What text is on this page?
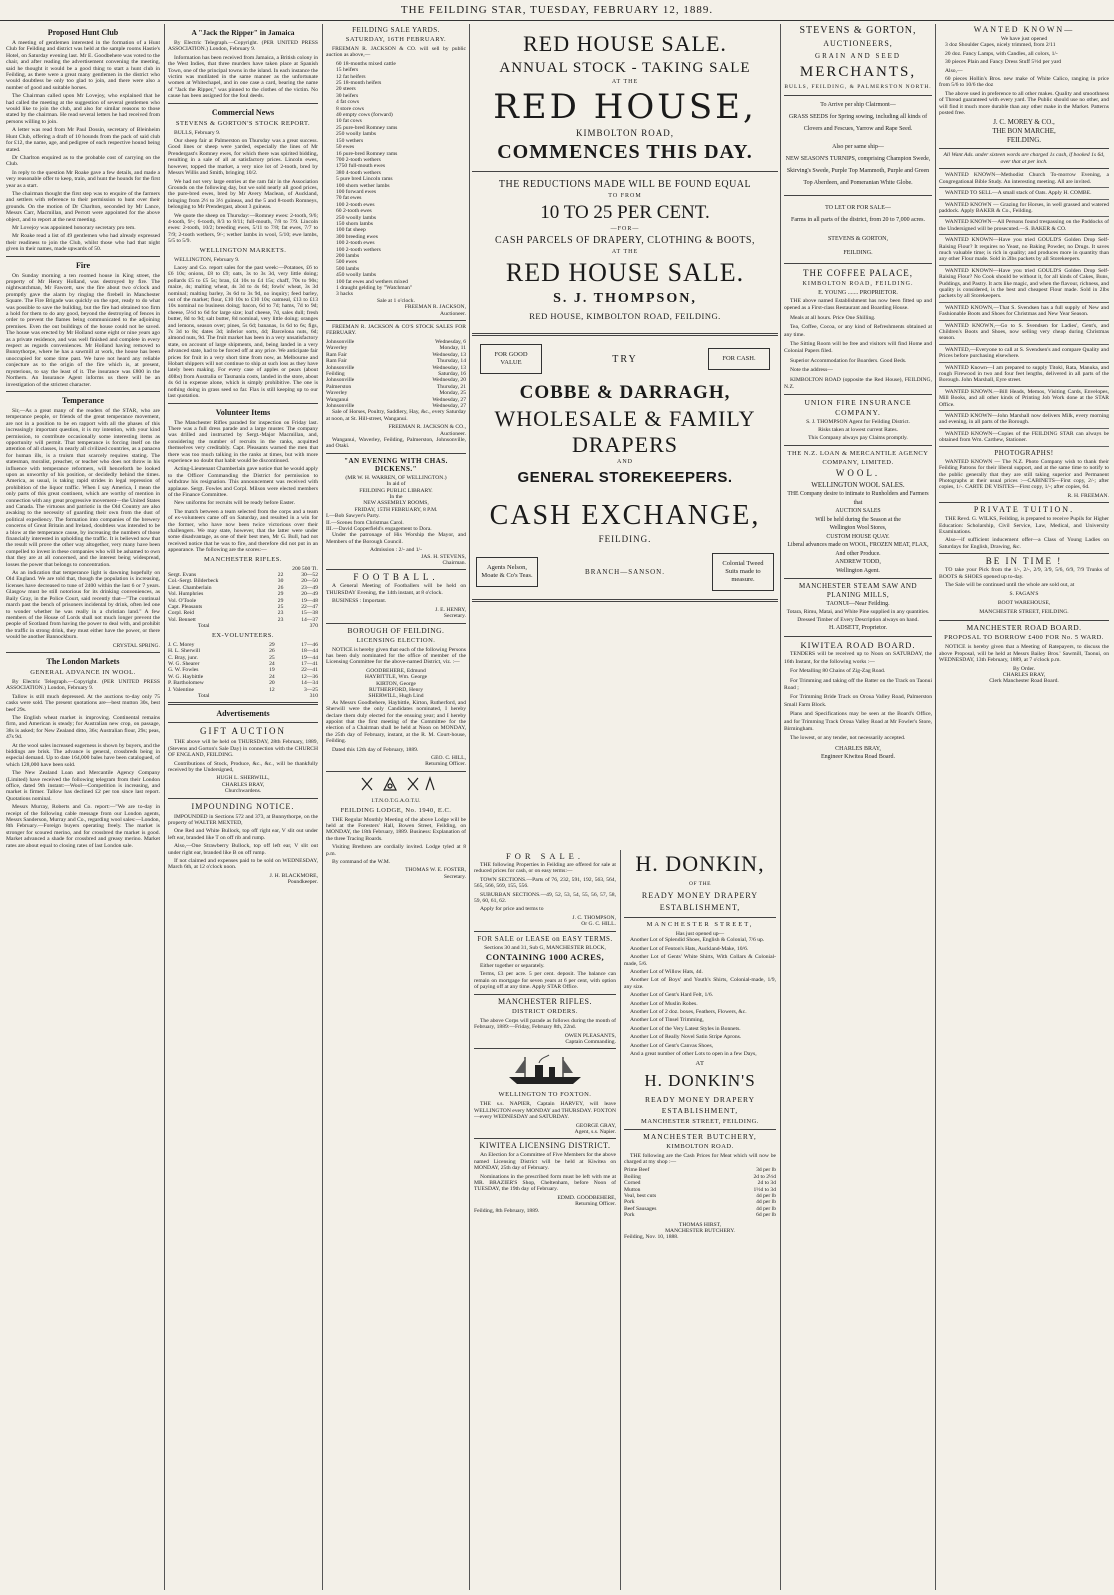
THE FEILDING STAR, TUESDAY, FEBRUARY 12, 1889.
Proposed Hunt Club
A meeting of gentlemen interested in the formation of a Hunt Club for Feilding and district was held at the sample rooms Hastie's Hotel, on Saturday evening last. Mr E. Goodbehere was voted to the chair, and after reading the advertisement convening the meeting, said he thought it would be a good thing to start a hunt club in Feilding, as there were a great many gentlemen in the district who would doubtless be only too glad to join, and there were also a number of good and suitable horses.
The Chairman called upon Mr Lovejoy, who explained that he had called the meeting at the suggestion of several gentlemen who would like to join the club, and also for similar reasons to those stated by the chairman. He read several letters he had received from persons willing to join.
A letter was read from Mr Paul Dossin, secretary of Bleinheim Hunt Club, offering a draft of 10 hounds from the pack of said club for £12, the name, age, and pedigree of each respective hound being stated.
Dr Charlton enquired as to the probable cost of carrying on the Club.
In reply to the question Mr Roake gave a few details, and made a very reasonable offer to keep, train, and hunt the hounds for the first year as a start.
The chairman thought the first step was to enquire of the farmers and settlers with reference to their permission to hunt over their grounds. On the motion of Dr Charlton, seconded by Mr Lance, Messrs Carr, Macmillan, and Perrott were appointed for the above object, and to report at the next meeting.
Mr Lovejoy was appointed honorary secretary pro tem.
Mr Roake read a list of 49 gentlemen who had already expressed their readiness to join the Club, whilst those who had that night given in their names, made upwards of 50.
Fire
On Sunday morning a ten roomed house in King street, the property of Mr Henry Holland, was destroyed by fire. The nightwatchman, Mr Fawcett, saw the fire about two o'clock and promptly gave the alarm by ringing the firebell in Manchester Square. The Fire Brigade was quickly on the spot, ready to do what was possible to save the building, but the fire had obtained too firm a hold for them to do any good, beyond the destroying of fences in order to prevent the flames being communicated to the adjoining premises. Even the out buildings of the house could not be saved. The house was erected by Mr Holland some eight or nine years ago as a private residence, and was well finished and complete in every respect as regards conveniences. Mr Holland having removed to Bunnythorpe, where he has a sawmill at work, the house has been unoccupied for some time past. We have not heard any reliable conjecture as to the origin of the fire which is, at present, mysterious, to say the least of it. The insurance was £800 in the Northern. An Insurance Agent informs us there will be an investigation of the strictest character.
Temperance
Sir,—As a great many of the readers of the STAR, who are temperance people, or friends of the great temperance movement, are not in a position to be en rapport with all the phases of this increasingly important question, it is my intention, with your kind permission, to contribute occasionally some interesting items as opportunity will permit. That temperance is forcing itself on the attention of all classes, in nearly all civilized countries, as a panacea for human ills, is a truism that scarcely requires stating. The statesman, moralist, preacher, or teacher who does not throw in his influence with temperance reformers, will henceforth be looked upon as unworthy of his position, or decidedly behind the times. America, as usual, is taking rapid strides in legal repression of prohibition of the liquor traffic. When I say America, I mean the only parts of this great continent, which are worthy of mention in connection with any great progressive movement—the United States and Canada. The virtuous and patriotic in the Old Country are also awaking to the necessity of guarding their own from the dust of political expediency. The formation into companies of the brewery concerns of Great Britain and Ireland, doubtless was intended to be a blow at the temperance cause, by increasing the numbers of those financially interested in upholding the traffic. It is believed now that the result will prove the other way altogether, very many have been compelled to invest in these companies who will be ashamed to own that they are at all concerned, and the interest being widespread, losses the power that belongs to concentration.
As an indication that temperance light is dawning hopefully on Old England. We are told that, though the population is increasing, licenses have decreased to tune of 2400 within the last 6 or 7 years. Glasgow must be still notorious for its drinking conveniences, as Baily Gray, in the Police Court, said recently that—"The continual march past the bench of prisoners incidental by drink, often led one to wonder whether he was really in a christian land." A few members of the House of Lords shall not much longer prevent the people of Scotland from having the power to deal with, and prohibit the traffic in strong drink, they must either have the power, or there would be another Bannockburn.
CRYSTAL SPRING.
The London Markets
GENERAL ADVANCE IN WOOL.
By Electric Telegraph.—Copyright. (PER UNITED PRESS ASSOCIATION.) London, February 9.
Tallow is still much depressed. At the auctions to-day only 75 casks were sold. The present quotations are—best mutton 30s, best beef 29s.
The English wheat market is improving. Continental remains firm, and American is steady; for Australian new crop, on passage, 38s is asked; for New Zealand ditto, 36s; Australian flour, 29s; peas, 47s 9d.
At the wool sales increased eagerness is shown by buyers, and the biddings are brisk. The advance is general, crossbreds being in especial demand. Up to date 164,000 bales have been catalogued, of which 128,000 have been sold.
The New Zealand Loan and Mercantile Agency Company (Limited) have received the following telegram from their London office, dated 9th instant:—Wool—Competition is increasing, and market is firmer. Tallow has declined £2 per ton since last report. Quotations nominal.
Messrs Murray, Roberts and Co. report:—"We are to-day in receipt of the following cable message from our London agents, Messrs Sanderson, Murray and Co., regarding wool sales:—London, 8th February.—Foreign buyers operating freely. The market is stronger for scoured merino, and for crossbred the market is good. Market advanced a shade for crossbred and greasy merino. Market rates are about equal to closing rates of last London sale.
A "Jack the Ripper" in Jamaica
By Electric Telegraph.—Copyright. (PER UNITED PRESS ASSOCIATION.) London, February 9.
Information has been received from Jamaica, a British colony in the West Indies, that three murders have taken place at Spanish Town, one of the principal towns in the island. In each instance the victim was mutilated in the same manner as the unfortunate women at Whitechapel, and in one case a card, bearing the name of "Jack the Ripper," was pinned to the clothes of the victim. No cause has been assigned for the foul deeds.
Commercial News
STEVENS & GORTON'S STOCK REPORT.
BULLS, February 9.
Our sheep fair at Palmerston on Thursday was a great success. Good lines or sheep were yarded, especially the lines of Mr Prendergast's Romney ewes, for which there was spirited bidding, resulting in a sale of all at satisfactory prices. Lincoln ewes, however, topped the market, a very nice lot of 2-tooth, bred by Messrs Willis and Smith, bringing 10/2.
We had not very large entries at the ram fair in the Association Grounds on the following day, but we sold nearly all good prices, the pure-bred ewes, bred by Mr Avery Maclean, of Auckland, bringing from 2½ to 3½ guineas, and the 5 and 8-tooth Romneys, belonging to Mr Prendergast, about 3 guineas.
We quote the sheep on Thursday:—Romney ewes: 2-tooth, 9/6; 4-tooth, 9/-; 6-tooth, 8/3 to 8/11; full-mouth, 7/8 to 7/9. Lincoln ewes: 2-tooth, 10/2; breeding ewes, 5/11 to 7/8; fat ewes, 7/7 to 7/9; 2-tooth wethers, 9/-; wether lambs in wool, 5/10; ewe lambs, 5/5 to 5/9.
WELLINGTON MARKETS.
WELLINGTON, February 9.
Lacey and Co. report sales for the past week:—Potatoes, £6 to £6 10s; onions, £8 to £9; oats, 3s to 3s 3d, very little doing; pollards £5 to £5 5s; bran, £4 10s to £4 15s; chaff, 70s to 90s; maize, 4s; malting wheat, 4s 3d to 4s 6d; fowls' wheat, 3s 3d nominal; malting barley, 3s 6d to 3s 9d, no inquiry; feed barley, out of the market; flour, £10 10s to £10 10s; oatmeal, £13 to £13 10s nominal no business doing; bacon, 6d to 7d; hams, 7d to 9d; cheese, 5½d to 6d for large size; loaf cheese, 7d, sales dull; fresh butter, 8d to 9d; salt butter, 8d nominal, very little doing; oranges and lemons, season over; pines, 5s 6d; bananas, 1s 6d to 6s; figs, 7s 3d to 8s; dates 3d; inferior sorts, 4d; Barcelona nuts, 6d; almond nuts, 9d. The fruit market has been in a very unsatisfactory state, on account of large shipments, and, being landed in a very advanced state, had to be forced off at any price. We anticipate fair prices for fruit in a very short time from now, as Melbourne and Hobart shippers will not continue to ship at such loss as they have lately been making. For every case of apples or pears (about 40lbs) from Australia or Tasmania costs, landed in the store, about 4s 6d in expense alone, which is simply prohibitive. The one is nothing doing in grass seed so far. Flax is still keeping up to our last quotation.
Volunteer Items
The Manchester Rifles paraded for inspection on Friday last. There was a full dress parade and a large muster. The company was drilled and instructed by Sergt.-Major Macmillan, and, considering the number of recruits in the ranks, acquitted themselves very creditably. Capt. Pleasants warned the men that there was too much talking in the ranks at times, but with more experience no doubt that habit would be discontinued.
Acting-Lieutenant Chamberlain gave notice that he would apply to the Officer Commanding the District for permission to withdraw his resignation. This announcement was received with applause. Sergt. Fowles and Corpl. Milson were elected members of the Finance Committee.
New uniforms for recruits will be ready before Easter.
The match between a team selected from the corps and a team of ex-volunteers came off on Saturday, and resulted in a win for the former, who have now been twice victorious over their challengers. We may state, however, that the latter were under some disadvantage, as one of their best men, Mr G. Bull, had not received notice that he was to fire, and therefore did not put in an appearance. The following are the scores:—
MANCHESTER RIFLES.
200 500 Tl.
Sergt. Evans	22	30—52
Col.-Sergt. Bilderbeck	30	20—50
Lieut. Chamberlain	26	23—49
Vol. Humphries	29	20—49
Vol. O'Toole	29	19—48
Capt. Pleasants	25	22—47
Corpl. Reid	23	15—38
Vol. Bennett	23	14—37
Total	370
EX-VOLUNTEERS.
J. C. Morey	29	17—46
H. L. Sherwill	26	18—44
C. Bray, junr.	25	19—44
W. G. Shearer	24	17—41
G. W. Fowles	19	22—41
W. G. Haybittle	24	12—36
P. Bartholomew	20	14—34
J. Valentine	12	3—25
Total	310
Advertisements
GIFT AUCTION
THE above will be held on THURSDAY, 28th February, 1889, (Stevens and Gorton's Sale Day) in connection with the CHURCH OF ENGLAND, FEILDING.
Contributions of Stock, Produce, &c., &c., will be thankfully received by the Undersigned,
HUGH L. SHERWILL,
CHARLES BRAY,
Churchwardens.
IMPOUNDING NOTICE.
IMPOUNDED in Sections 572 and 373, at Bunnythorpe, on the property of WALTER MEXTED,
One Red and White Bullock, top off right ear, V slit out under left ear, branded like T on off rib and rump.
Also,—One Strawberry Bullock, top off left ear, V slit out under right ear, branded like B on off rump.
If not claimed and expenses paid to be sold on WEDNESDAY, March 6th, at 12 o'clock noon.
J. H. BLACKMORE,
Poundkeeper.
FEILDING SALE YARDS.
SATURDAY, 16TH FEBRUARY.
FREEMAN R. JACKSON & CO. will sell by public auction as above,—
60 18-months mixed cattle
15 heifers
12 fat heifers
25 18-month heifers
20 steers
30 heifers
4 fat cows
8 store cows
40 empty cows (forward)
10 fat cows
25 pure-bred Romney rams
250 woolly lambs
150 wethers
50 ewes
16 pure-bred Romney rams
700 2-tooth wethers
1750 full-mouth ewes
380 4-tooth wethers
5 pure bred Lincoln rams
100 shorn wether lambs
100 forward ewes
70 fat ewes
100 2-tooth ewes
60 2-tooth ewes
250 woolly lambs
150 shorn lambs
100 fat sheep
300 breeding ewes
100 2-tooth ewes
100 2-tooth wethers
200 lambs
500 ewes
500 lambs
450 woolly lambs
100 fat ewes and wethers mixed
1 draught gelding by "Watchman"
3 hacks
Sale at 1 o'clock.
FREEMAN R. JACKSON,
Auctioneer.
FREEMAN R. JACKSON & CO'S STOCK SALES FOR FEBRUARY.
Johnsonville	Wednesday, 6
Waverley	Monday, 11
Ram Fair	Wednesday, 13
Ram Fair	Thursday, 14
Johnsonville	Wednesday, 13
Feilding	Saturday, 16
Johnsonville	Wednesday, 20
Palmerston	Thursday, 21
Waverley	Monday, 25
Wanganui	Wednesday, 27
Johnsonville	Wednesday, 27
Sale of Horses, Poultry, Saddlery, Hay, &c., every Saturday at noon, at St. Hill-street, Wanganui.
FREEMAN R. JACKSON & CO.,
Auctioneer.
Wanganui, Waverley, Feilding, Palmerston, Johnsonville, and Otaki.
"AN EVENING WITH CHAS. DICKENS."
(MR W. H. WARREN, OF WELLINGTON.)
In aid of
FEILDING PUBLIC LIBRARY.
In the
NEW ASSEMBLY ROOMS,
FRIDAY, 15TH FEBRUARY, 8 P.M.
I.—Bob Sawyer's Party.
II.—Scenes from Christmas Carol.
III.—David Copperfield's engagement to Dora.
Under the patronage of His Worship the Mayor, and Members of the Borough Council.
Admission : 2/- and 1/-
JAS. H. STEVENS,
Chairman.
FOOTBALL.
A General Meeting of Footballers will be held on THURSDAY Evening, the 14th instant, at 8 o'clock.
BUSINESS : Important.
J. E. HENRY,
Secretary.
BOROUGH OF FEILDING.
LICENSING ELECTION.
NOTICE is hereby given that each of the following Persons has been duly nominated for the office of member of the Licensing Committee for the above-named District, viz. :—
GOODBEHERE, Edmund
HAYBITTLE, Wm. George
KIRTON, George
RUTHERFORD, Henry
SHERWILL, Hugh Lind
As Messrs Goodbehere, Haybittle, Kirton, Rutherford, and Sherwill were the only Candidates nominated, I hereby declare them duly elected for the ensuing year; and I hereby appoint that the first meeting of the Committee for the election of a Chairman shall be held at Noon on MONDAY, the 25th day of February, instant, at the R. M. Court-house, Feilding.
Dated this 12th day of February, 1889.
GEO. C. HILL,
Returning Officer.
I.T.N.O.T.G.A.O.T.U.
FEILDING LODGE, No. 1940, E.C.
THE Regular Monthly Meeting of the above Lodge will be held at the Foresters' Hall, Bowen Street, Feilding, on MONDAY, the 18th February, 1889. Business: Explanation of the three Tracing Boards.
Visiting Brethren are cordially invited. Lodge tyled at 8 p.m.
By command of the W.M.
THOMAS W. E. FOSTER,
Secretary.
RED HOUSE SALE.
ANNUAL STOCK - TAKING SALE
AT THE
RED HOUSE,
KIMBOLTON ROAD,
COMMENCES THIS DAY.
THE REDUCTIONS MADE WILL BE FOUND EQUAL
TO FROM
10 TO 25 PER CENT.
—FOR—
CASH PARCELS OF DRAPERY, CLOTHING & BOOTS,
AT THE
RED HOUSE SALE.
S. J. THOMPSON,
RED HOUSE, KIMBOLTON ROAD, FEILDING.
FOR GOOD VALUE	TRY	FOR CASH.
COBBE & DARRAGH,
WHOLESALE & FAMILY
DRAPERS
AND
GENERAL STOREKEEPERS.
CASH EXCHANGE,
FEILDING.
Agents Nelson, Moate & Co's Teas.	BRANCH—SANSON.
Colonial Tweed Suits made to measure.
FOR SALE.
THE following Properties in Feilding are offered for sale at reduced prices for cash, or on easy terms:—
TOWN SECTIONS.—Parts of 76, 232, 591, 192, 563, 564, 565, 566, 569, 155, 556.
SUBURBAN SECTIONS.—49, 52, 53, 54, 55, 56, 57, 58, 59, 60, 61, 62.
Apply for price and terms to
J. C. THOMPSON,
Or G. C. HILL.
FOR SALE or LEASE on EASY TERMS.
Sections 30 and 31, Sub G, MANCHESTER BLOCK,
CONTAINING 1000 ACRES,
Either together or separately.
Terms, £3 per acre. 5 per cent. deposit. The balance can remain on mortgage for seven years at 6 per cent, with option of paying off at any time. Apply STAR Office.
MANCHESTER RIFLES.
DISTRICT ORDERS.
The above Corps will parade as follows during the month of February, 1889:—Friday, February 8th, 22nd.
OWEN PLEASANTS,
Captain Commanding.
WELLINGTON TO FOXTON.
THE s.s. NAPIER, Captain HARVEY, will leave WELLINGTON every MONDAY and THURSDAY. FOXTON—every WEDNESDAY and SATURDAY.
GEORGE GRAY,
Agent, s.s. Napier.
KIWITEA LICENSING DISTRICT.
An Election for a Committee of Five Members for the above named Licensing District will be held at Kiwitea on MONDAY, 25th day of February.
Nominations in the prescribed form must be left with me at MR. BRAZIER'S Shop, Cheltenham, before Noon of TUESDAY, the 19th day of February.
EDMD. GOODBEHERE,
Returning Officer.
Feilding, 8th February, 1889.
H. DONKIN,
OF THE
READY MONEY DRAPERY ESTABLISHMENT,
MANCHESTER STREET,
Has just opened up—
Another Lot of Splendid Shoes, English & Colonial, 7/6 up.
Another Lot of Fenton's Hats, Auckland-Make, 10/6.
Another Lot of Gents' White Shirts, With Collars & Colonial-made, 5/6.
Another Lot of Willow Hats, 4d.
Another Lot of Boys' and Youth's Shirts, Colonial-made, 1/9, any size.
Another Lot of Gent's Hard Felt, 1/6.
Another Lot of Muslin Robes.
Another Lot of 2 doz. boxes, Feathers, Flowers, &c.
Another Lot of Tinsel Trimming,
Another Lot of the Very Latest Styles in Bonnets.
Another Lot of Really Novel Satin Stripe Aprons.
Another Lot of Gent's Canvas Shoes,
And a great number of other Lots to open in a few Days,
AT
H. DONKIN'S
READY MONEY DRAPERY ESTABLISHMENT,
MANCHESTER STREET, FEILDING.
MANCHESTER BUTCHERY,
KIMBOLTON ROAD.
THE following are the Cash Prices for Meat which will now be charged at my shop :—
Prime Beef	3d per lb
Boiling	2d to 2½d
Corned	2d to 3d
Mutton	1½d to 3d
Veal, best cuts	4d per lb
Pork	4d per lb
Beef Sausages	4d per lb
Pork	6d per lb
THOMAS HIRST,
MANCHESTER BUTCHERY.
Feilding, Nov. 10, 1888.
STEVENS & GORTON,
AUCTIONEERS,
GRAIN AND SEED
MERCHANTS,
BULLS, FEILDING, & PALMERSTON NORTH.
To Arrive per ship Clairmont—
GRASS SEEDS for Spring sowing, including all kinds of Clovers and Fescues, Yarrow and Rape Seed.
Also per same ship—
NEW SEASON'S TURNIPS, comprising Champion Swede, Skirving's Swede, Purple Top Mammoth, Purple and Green Top Aberdeen, and Pomeranian White Globe.
TO LET OR FOR SALE—
Farms in all parts of the district, from 20 to 7,000 acres.
STEVENS & GORTON,
FEILDING.
THE COFFEE PALACE,
KIMBOLTON ROAD, FEILDING.
E. YOUNG ....... PROPRIETOR.
THE above named Establishment has now been fitted up and opened as a First-class Restaurant and Boarding House.
Meals at all hours. Price One Shilling.
Tea, Coffee, Cocoa, or any kind of Refreshments obtained at any time.
The Sitting Room will be free and visitors will find Home and Colonial Papers filed.
Superior Accommodation for Boarders. Good Beds.
Note the address—
KIMBOLTON ROAD (opposite the Red House), FEILDING, N.Z.
UNION FIRE INSURANCE COMPANY.
S. J. THOMPSON Agent for Feilding District.
Risks taken at lowest current Rates.
This Company always pay Claims promptly.
THE N.Z. LOAN & MERCANTILE AGENCY COMPANY, LIMITED.
WOOL.
WELLINGTON WOOL SALES.
THE Company desire to intimate to Runholders and Farmers that
AUCTION SALES
Will be held during the Season at the
Wellington Wool Stores,
CUSTOM HOUSE QUAY.
Liberal advances made on WOOL, FROZEN MEAT, FLAX, And other Produce.
ANDREW TODD,
Wellington Agent.
MANCHESTER STEAM SAW AND PLANING MILLS,
TAONUI—Near Feilding.
Totara, Rimu, Matai, and White Pine supplied in any quantities.
Dressed Timber of Every Description always on hand.
H. ADSETT, Proprietor.
KIWITEA ROAD BOARD.
TENDERS will be received up to Noon on SATURDAY, the 16th Instant, for the following works :—
For Metalling 80 Chains of Zig-Zag Road.
For Trimming and taking off the Batter on the Track on Taonui Road ;
For Trimming Bride Track on Oroua Valley Road, Palmerston Small Farm Block.
Plans and Specifications may be seen at the Board's Office, and for Trimming Track Oroua Valley Road at Mr Fowler's Store, Birmingham.
The lowest, or any tender, not necessarily accepted.
CHARLES BRAY,
Engineer Kiwitea Road Board.
WANTED KNOWN—
We have just opened
3 doz Shoulder Capes, nicely trimmed, from 2/11
20 doz. Fancy Lamps, with Candles, all colors, 1/-
30 pieces Plain and Fancy Dress Stuff 5½d per yard
Also,—
60 pieces Hollin's Bros. new make of White Calico, ranging in price from 5/6 to 10/6 the doz
The above used in preference to all other makes. Quality and smoothness of Thread guaranteed with every yard. The Public should use no other, and will find it much more durable than any other make in the Market. Patterns posted free.
J. C. MOREY & CO.,
THE BON MARCHE,
FEILDING.
All Want Ads. under sixteen words are charged 1s cash, if booked 1s 6d, over that at per inch.
WANTED KNOWN—Methodist Church To-morrow Evening, a Congregational Bible Study. An interesting meeting. All are invited.
WANTED TO SELL—A small stack of Oats. Apply H. COMBE.
WANTED KNOWN — Grazing for Horses, in well grassed and watered paddock. Apply BAKER & Co., Feilding.
WANTED KNOWN—All Persons found trespassing on the Paddocks of the Undersigned will be prosecuted.—S. BAKER & CO.
WANTED KNOWN—Have you tried GOULD'S Golden Drop Self-Raising Flour? It requires no Yeast, no Baking Powder, no Drugs. It saves much valuable time; is rich in quality; and produces more in quantity than any other Flour made. Sold in 2lbs packets by all Storekeepers.
WANTED KNOWN—Have you tried GOULD'S Golden Drop Self-Raising Flour? No Cook should be without it, for all kinds of Cakes, Buns, Puddings, and Pastry. It acts like magic, and when the flavour, richness, and quality is considered, is the best and cheapest Flour made. Sold in 2lbs packets by all Storekeepers.
WANTED KNOWN,—That S. Svendsen has a full supply of New and Fashionable Boots and Shoes for Christmas and New Year Season.
WANTED KNOWN,—Go to S. Svendsen for Ladies', Gent's, and Children's Boots and Shoes, now selling very cheap during Christmas season.
WANTED,—Everyone to call at S. Svendsen's and compare Quality and Prices before purchasing elsewhere.
WANTED Known—I am prepared to supply Titoki, Rata, Manuka, and rough Firewood in two and four feet lengths, delivered in all parts of the Borough. John Marshall, Eyre street.
WANTED KNOWN.—Bill Heads, Memos, Visiting Cards, Envelopes, Mill Books, and all other kinds of Printing Job Work done at the STAR Office.
WANTED KNOWN—John Marshall now delivers Milk, every morning and evening, in all parts of the Borough.
WANTED KNOWN—Copies of the FEILDING STAR can always be obtained from Wm. Carthew, Stationer.
PHOTOGRAPHS!
WANTED KNOWN — The N.Z. Photo Company wish to thank their Feilding Patrons for their liberal support, and at the same time to notify to the public generally that they are still taking superior and Permanent Photographs at their usual prices :—CABINETS—First copy, 2/-; after copies, 1/-. CARTE DE VISITES—First copy, 1/-; after copies, 6d.
R. H. FREEMAN.
PRIVATE TUITION.
THE Revd. G. WILKS, Feilding, is prepared to receive Pupils for Higher Education: Scholarship, Civil Service, Law, Medical, and University Examinations.
Also—if sufficient inducement offer—a Class of Young Ladies on Saturdays for English, Drawing, &c.
BE IN TIME !
TO take your Pick from the 1/-, 2/-, 2/9, 3/9, 5/6, 6/9, 7/9 Trunks of BOOTS & SHOES opened up to-day.
The Sale will be continued until the whole are sold out, at
S. FAGAN'S
BOOT WAREHOUSE,
MANCHESTER STREET, FEILDING.
MANCHESTER ROAD BOARD.
PROPOSAL TO BORROW £400 FOR No. 5 WARD.
NOTICE is hereby given that a Meeting of Ratepayers, to discuss the above Proposal, will be held at Messrs Bailey Bros.' Sawmill, Taonui, on WEDNESDAY, 13th February, 1889, at 7 o'clock p.m.
By Order.
CHARLES BRAY,
Clerk Manchester Road Board.
